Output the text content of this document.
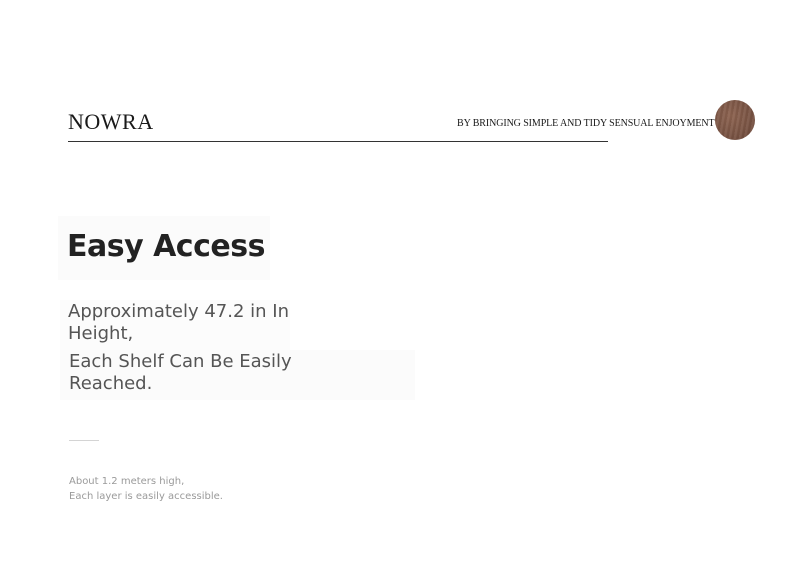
NOWRA	BY BRINGING SIMPLE AND TIDY SENSUAL ENJOYMENT
Easy Access
Approximately 47.2 in In Height,
Each Shelf Can Be Easily Reached.
About 1.2 meters high,
Each layer is easily accessible.
